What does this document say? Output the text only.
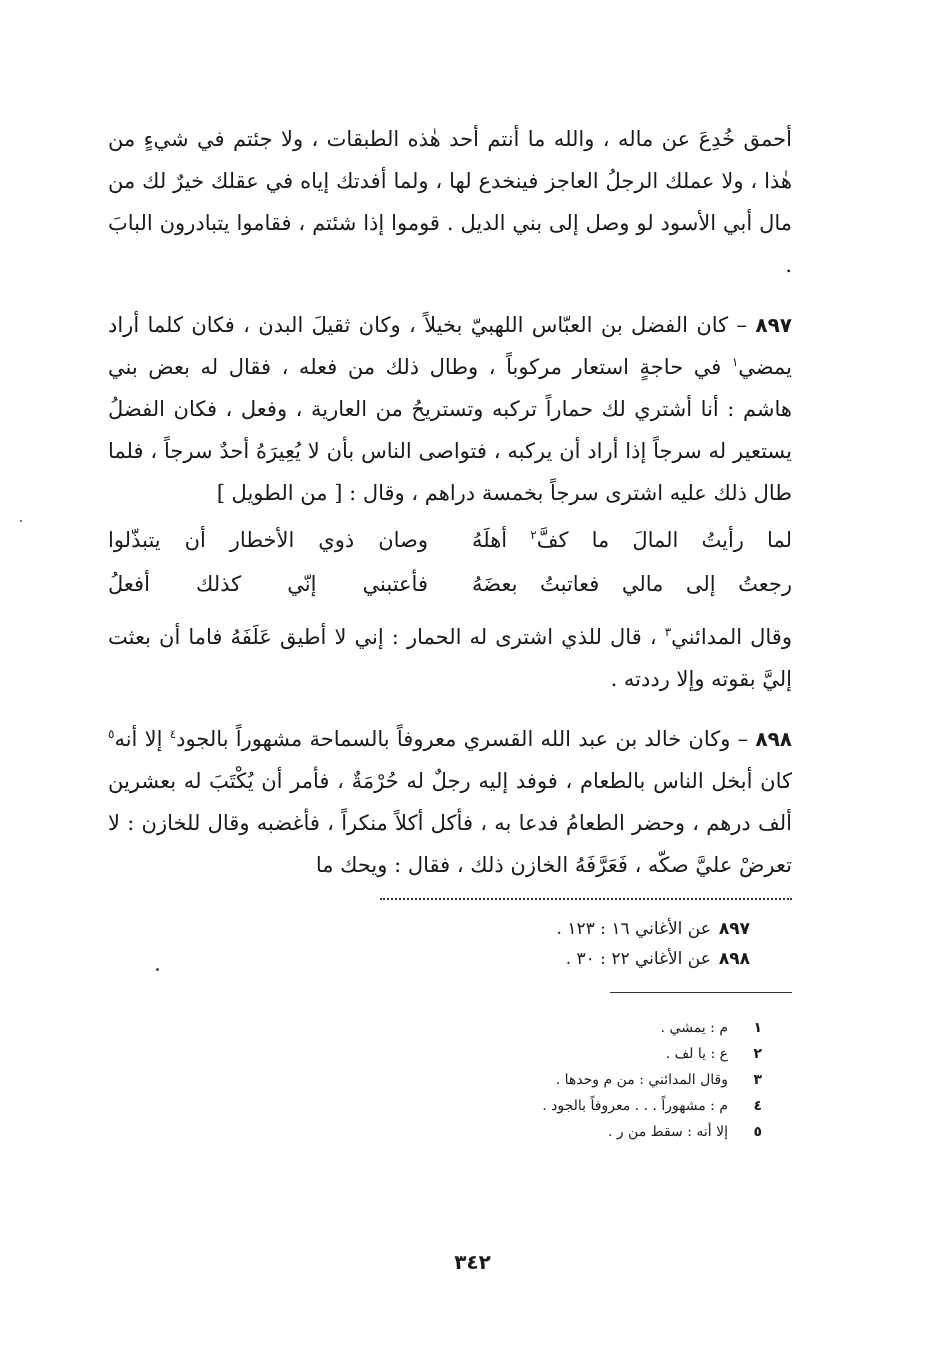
أحمق خُدِعَ عن ماله ، والله ما أنتم أحد هٰذه الطبقات ، ولا جئتم في شيءٍ من هٰذا ، ولا عملك الرجلُ العاجز فينخدع لها ، ولما أفدتك إياه في عقلك خيرٌ لك من مال أبي الأسود لو وصل إلى بني الديل . قوموا إذا شئتم ، فقاموا يتبادرون البابَ .

٨٩٧ – كان الفضل بن العبّاس اللهبيّ بخيلاً ، وكان ثقيلَ البدن ، فكان كلما أراد يمضي$^١$ في حاجةٍ استعار مركوباً ، وطال ذلك من فعله ، فقال له بعض بني هاشم : أنا أشتري لك حماراً تركبه وتستريحُ من العارية ، وفعل ، فكان الفضلُ يستعير له سرجاً إذا أراد أن يركبه ، فتواصى الناس بأن لا يُعِيرَهُ أحدٌ سرجاً ، فلما طال ذلك عليه اشترى سرجاً بخمسة دراهم ، وقال : [ من الطويل ]

لما رأيتُ المالَ ما كفَّ$^٢$ أهلَهُ
وصان ذوي الأخطار أن يتبذّلوا
رجعتُ إلى مالي فعاتبتُ بعضَهُ
فأعتبني إنّي كذلك أفعلُ

وقال المدائني$^٣$ ، قال للذي اشترى له الحمار : إني لا أطيق عَلَفَهُ فاما أن بعثت إليَّ بقوته وإلا رددته .

٨٩٨ – وكان خالد بن عبد الله القسري معروفاً بالسماحة مشهوراً بالجود$^٤$ إلا أنه$^٥$ كان أبخل الناس بالطعام ، فوفد إليه رجلٌ له حُرْمَةٌ ، فأمر أن يُكْتَبَ له بعشرين ألف درهم ، وحضر الطعامُ فدعا به ، فأكل أكلاً منكراً ، فأغضبه وقال للخازن : لا تعرضْ عليَّ صكّه ، فَعَرَّفَهُ الخازن ذلك ، فقال : ويحك ما

٨٩٧عن الأغاني ١٦ : ١٢٣ .
٨٩٨عن الأغاني ٢٢ : ٣٠ .
١م : يمشي .
٢ع : يا لف .
٣وقال المدائني : من م وحدها .
٤م : مشهوراً . . . معروفاً بالجود .
٥إلا أنه : سقط من ر .
٣٤٢
